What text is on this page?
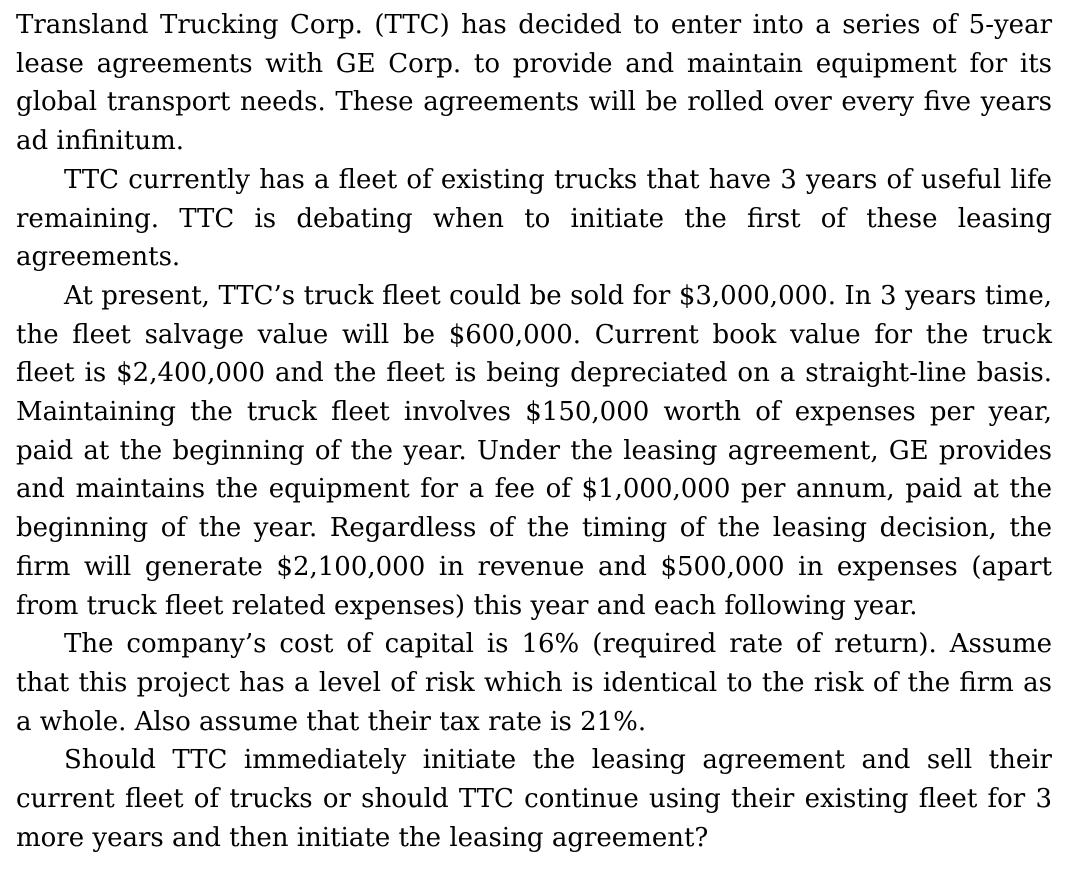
Transland Trucking Corp. (TTC) has decided to enter into a series of 5-year lease agreements with GE Corp. to provide and maintain equipment for its global transport needs. These agreements will be rolled over every five years ad infinitum.

TTC currently has a fleet of existing trucks that have 3 years of useful life remaining. TTC is debating when to initiate the first of these leasing agreements.

At present, TTC’s truck fleet could be sold for $3,000,000. In 3 years time, the fleet salvage value will be $600,000. Current book value for the truck fleet is $2,400,000 and the fleet is being depreciated on a straight-line basis. Maintaining the truck fleet involves $150,000 worth of expenses per year, paid at the beginning of the year. Under the leasing agreement, GE provides and maintains the equipment for a fee of $1,000,000 per annum, paid at the beginning of the year. Regardless of the timing of the leasing decision, the firm will generate $2,100,000 in revenue and $500,000 in expenses (apart from truck fleet related expenses) this year and each following year.

The company’s cost of capital is 16% (required rate of return). Assume that this project has a level of risk which is identical to the risk of the firm as a whole. Also assume that their tax rate is 21%.

Should TTC immediately initiate the leasing agreement and sell their current fleet of trucks or should TTC continue using their existing fleet for 3 more years and then initiate the leasing agreement?
